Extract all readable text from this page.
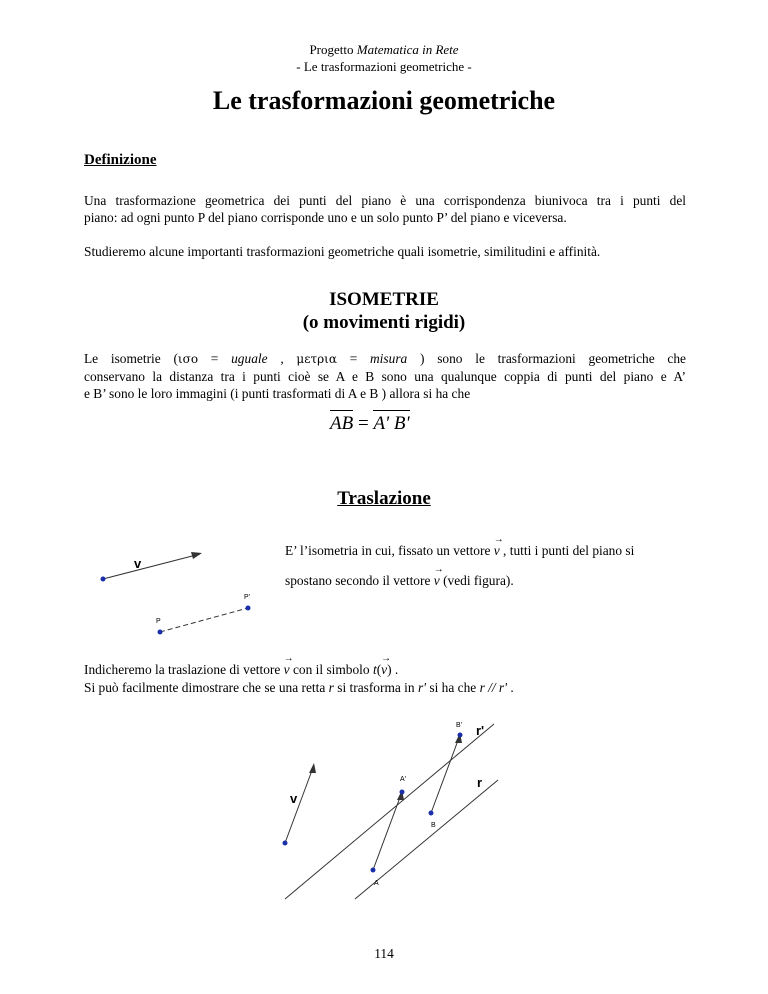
Progetto Matematica in Rete
- Le trasformazioni geometriche -
Le trasformazioni geometriche
Definizione
Una trasformazione geometrica dei punti del piano è una corrispondenza biunivoca tra i punti del
piano: ad ogni punto P del piano corrisponde uno e un solo punto P’ del piano e viceversa.
Studieremo alcune importanti trasformazioni geometriche quali isometrie, similitudini e affinità.
ISOMETRIE
(o movimenti rigidi)
Le isometrie (ισο = uguale , μετρια = misura ) sono le trasformazioni geometriche che
conservano la distanza tra i punti cioè se A e B sono una qualunque coppia di punti del piano e A’
e B’ sono le loro immagini (i punti trasformati di A e B ) allora si ha che
AB = A' B'
Traslazione
E’ l’isometria in cui, fissato un vettore
→
v , tutti i punti del piano si
spostano secondo il vettore
→
v (vedi figura).
v
P
P'
Indicheremo la traslazione di vettore
→
v con il simbolo t(
→
v) .
Si può facilmente dimostrare che se una retta r si trasforma in r' si ha che r // r' .
v
A
A'
B
B'
r
r'
114
